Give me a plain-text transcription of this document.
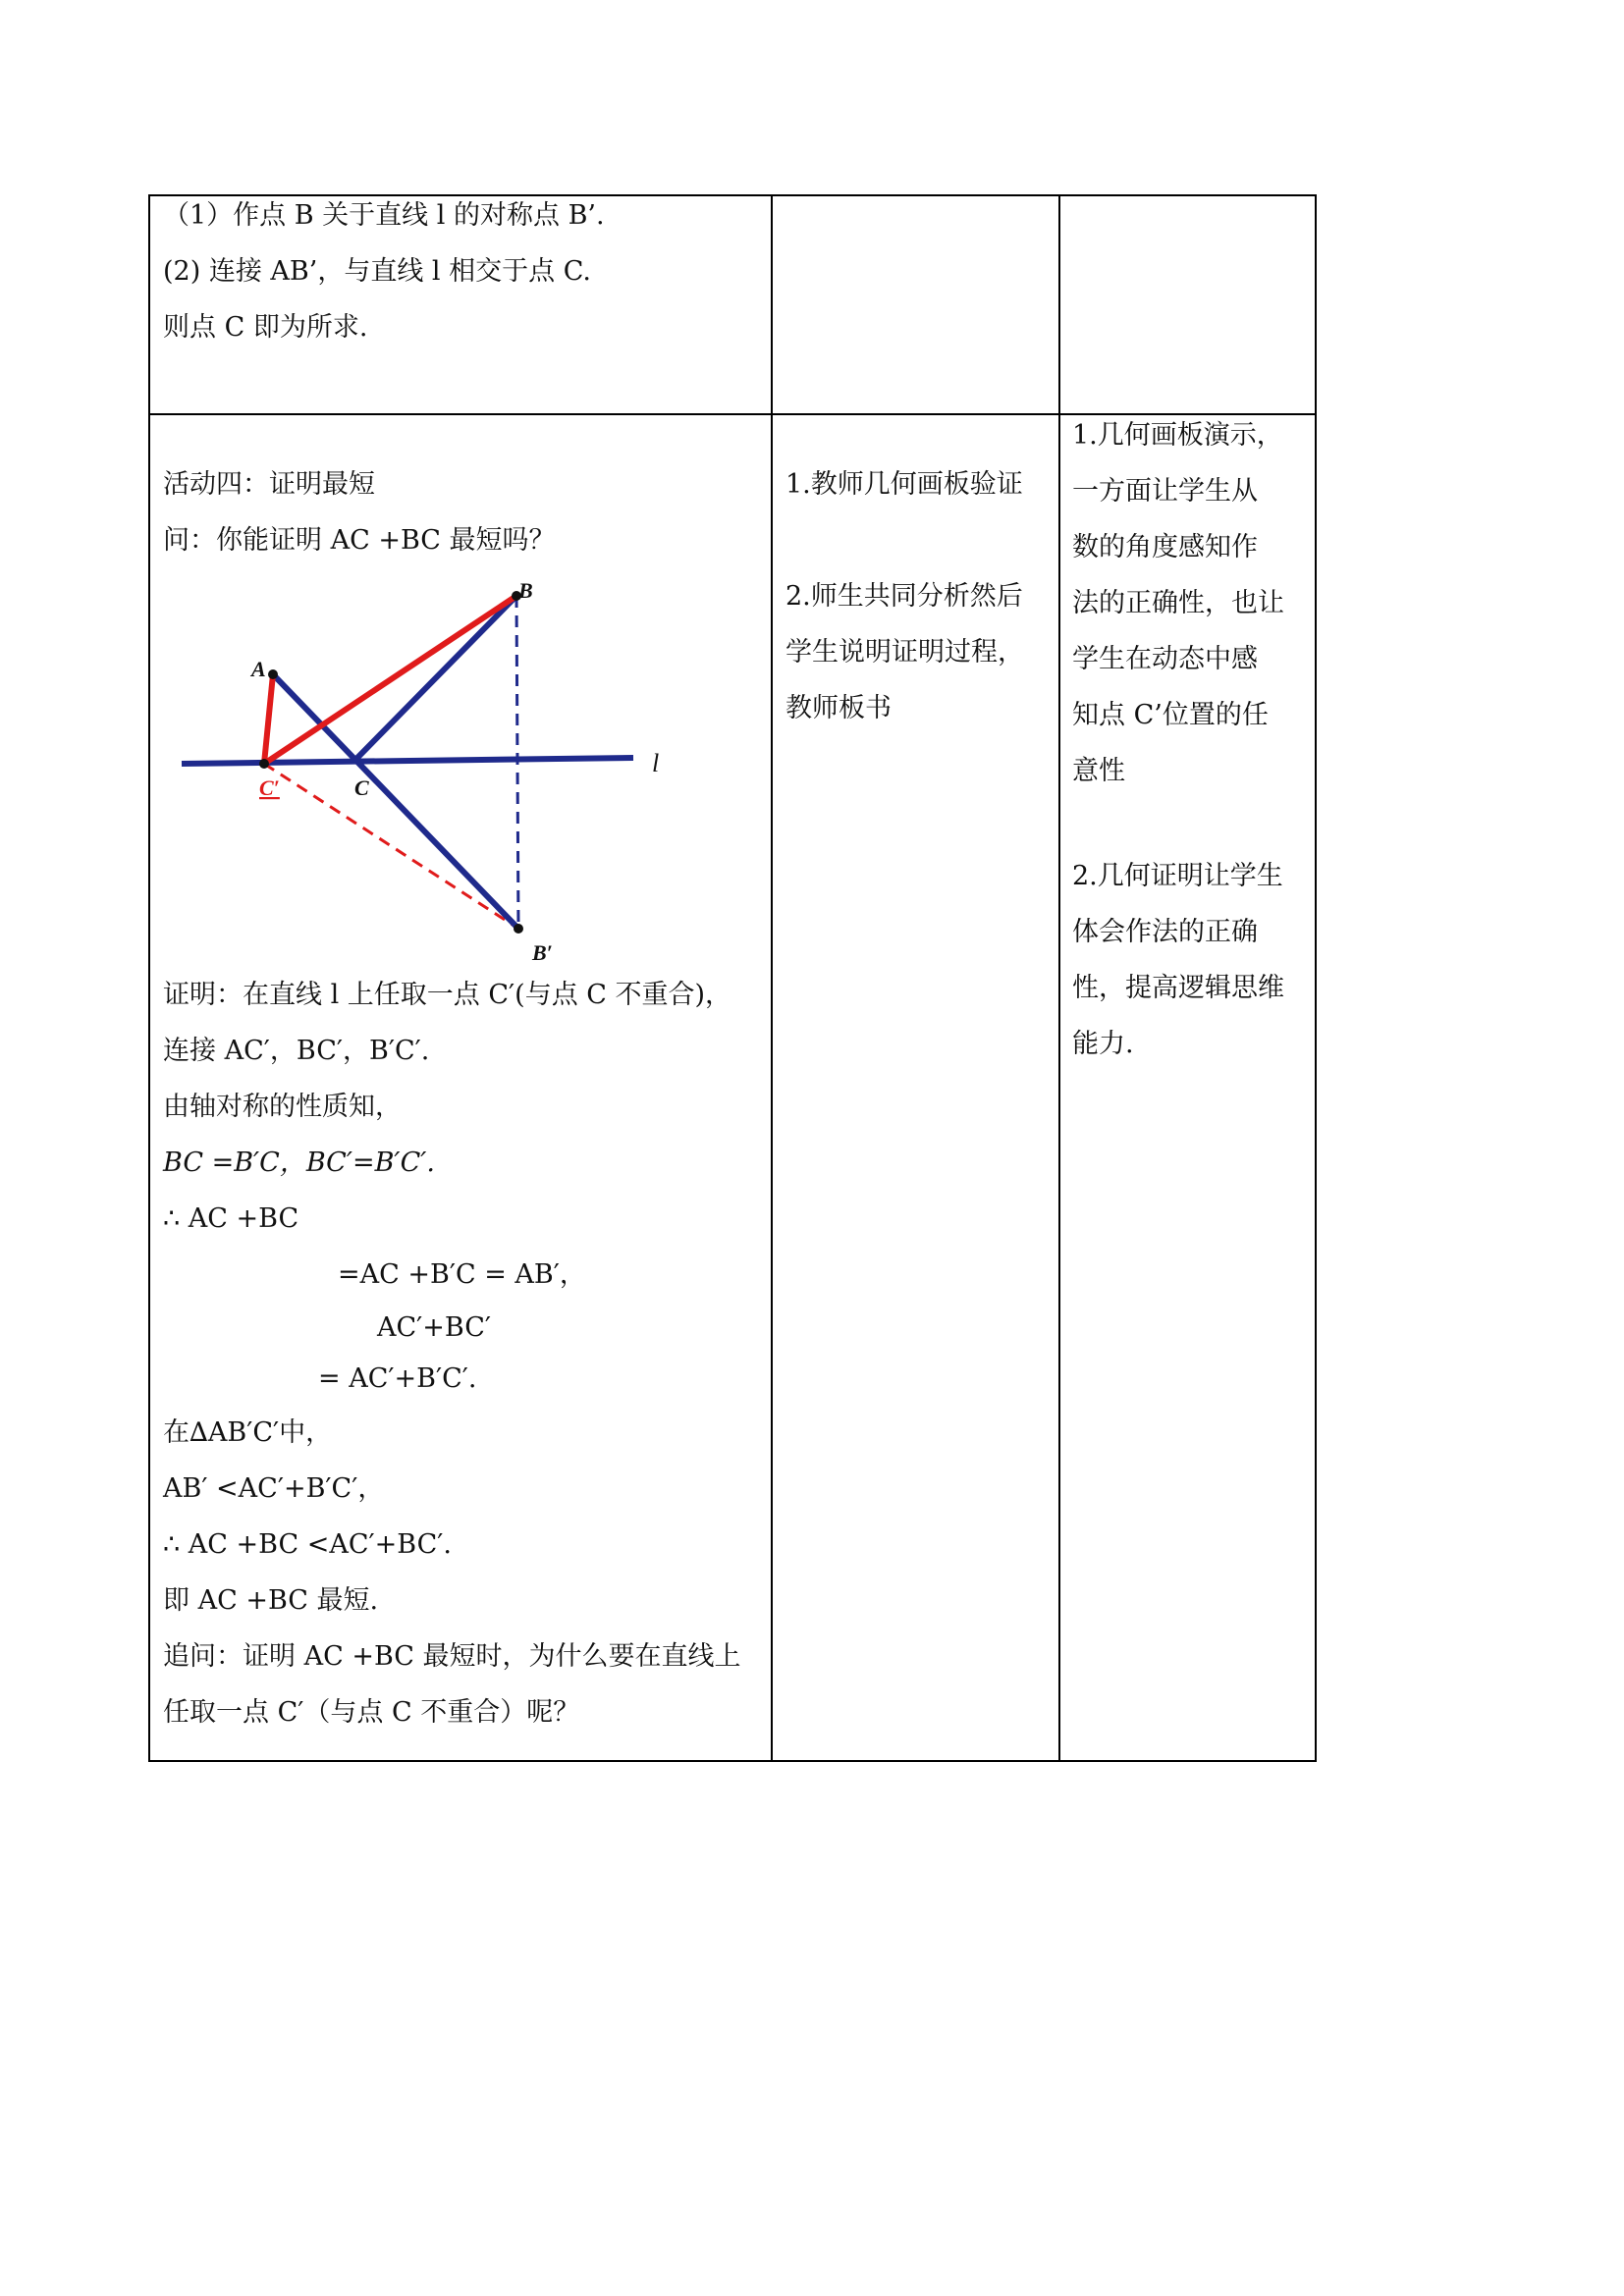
（1）作点 B 关于直线 l 的对称点 B’.

(2) 连接 AB’，与直线 l 相交于点 C.

则点 C 即为所求.

活动四：证明最短

问：你能证明 AC +BC 最短吗？

A
B
C′	C
B′
l

证明：在直线 l 上任取一点 C′(与点 C 不重合)，

连接 AC′，BC′，B′C′.

由轴对称的性质知，

BC =B′C，BC′=B′C′.

∴ AC +BC

=AC +B′C = AB′，

AC′+BC′

= AC′+B′C′.

在∆AB′C′中，

AB′ <AC′+B′C′，

∴ AC +BC <AC′+BC′.

即 AC +BC 最短.

追问：证明 AC +BC 最短时，为什么要在直线上

任取一点 C′（与点 C 不重合）呢？

1.教师几何画板验证

2.师生共同分析然后

学生说明证明过程，

教师板书

1.几何画板演示，

一方面让学生从

数的角度感知作

法的正确性，也让

学生在动态中感

知点 C’位置的任

意性

2.几何证明让学生

体会作法的正确

性，提高逻辑思维

能力.
